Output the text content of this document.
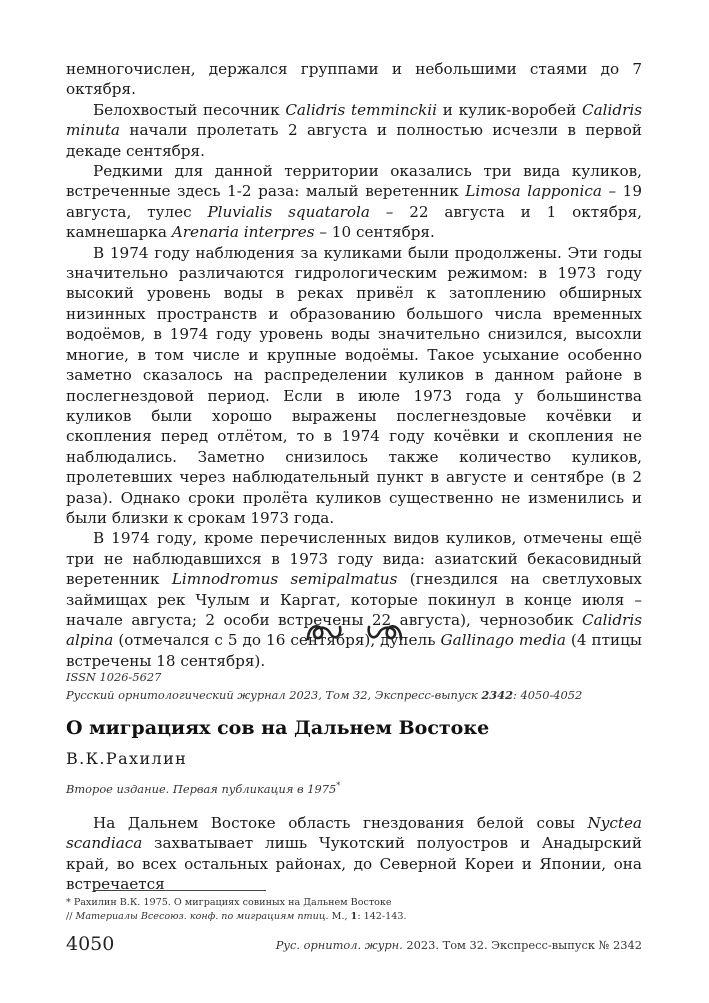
немногочислен, держался группами и небольшими стаями до 7 октября.

Белохвостый песочник Calidris temminckii и кулик-воробей Calidris minuta начали пролетать 2 августа и полностью исчезли в первой декаде сентября.

Редкими для данной территории оказались три вида куликов, встреченные здесь 1-2 раза: малый веретенник Limosa lapponica – 19 августа, тулес Pluvialis squatarola – 22 августа и 1 октября, камнешарка Arenaria interpres – 10 сентября.

В 1974 году наблюдения за куликами были продолжены. Эти годы значительно различаются гидрологическим режимом: в 1973 году высокий уровень воды в реках привёл к затоплению обширных низинных пространств и образованию большого числа временных водоёмов, в 1974 году уровень воды значительно снизился, высохли многие, в том числе и крупные водоёмы. Такое усыхание особенно заметно сказалось на распределении куликов в данном районе в послегнездовой период. Если в июле 1973 года у большинства куликов были хорошо выражены послегнездовые кочёвки и скопления перед отлётом, то в 1974 году кочёвки и скопления не наблюдались. Заметно снизилось также количество куликов, пролетевших через наблюдательный пункт в августе и сентябре (в 2 раза). Однако сроки пролёта куликов существенно не изменились и были близки к срокам 1973 года.

В 1974 году, кроме перечисленных видов куликов, отмечены ещё три не наблюдавшихся в 1973 году вида: азиатский бекасовидный веретенник Limnodromus semipalmatus (гнездился на светлуховых займищах рек Чулым и Каргат, которые покинул в конце июля – начале августа; 2 особи встречены 22 августа), чернозобик Calidris alpina (отмечался с 5 до 16 сентября), дупель Gallinago media (4 птицы встречены 18 сентября).

ISSN 1026-5627
Русский орнитологический журнал 2023, Том 32, Экспресс-выпуск 2342: 4050-4052
О миграциях сов на Дальнем Востоке
В.К.Рахилин
Второе издание. Первая публикация в 1975*

На Дальнем Востоке область гнездования белой совы Nyctea scandiaca захватывает лишь Чукотский полуостров и Анадырский край, во всех остальных районах, до Северной Кореи и Японии, она встречается

* Рахилин В.К. 1975. О миграциях совиных на Дальнем Востоке
// Материалы Всесоюз. конф. по миграциям птиц. М., 1: 142-143.
4050	Рус. орнитол. журн. 2023. Том 32. Экспресс-выпуск № 2342
